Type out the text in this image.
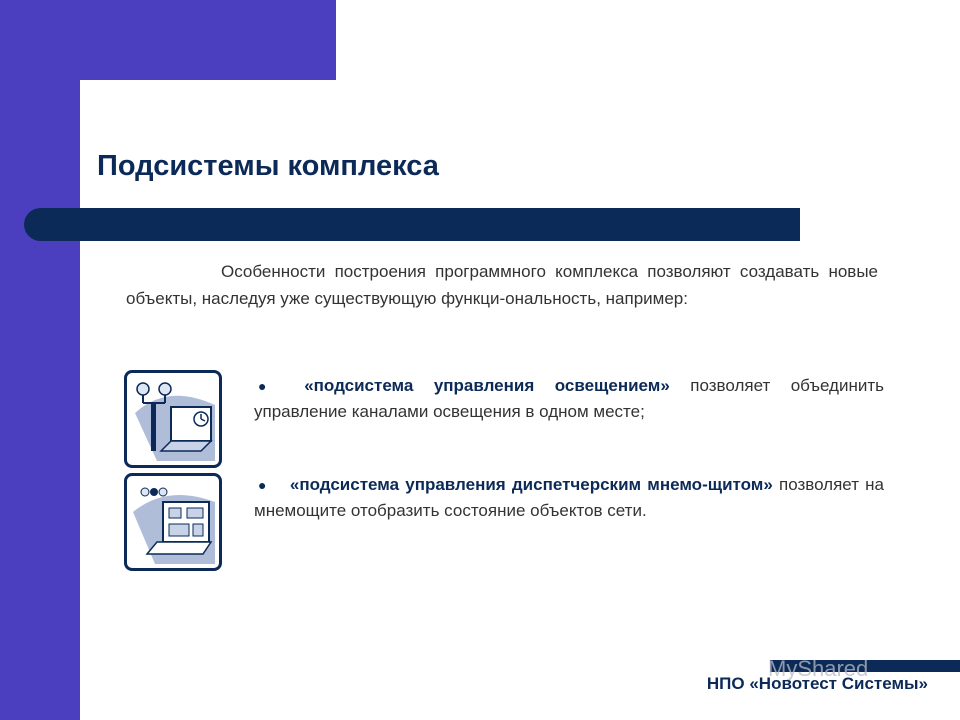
Подсистемы комплекса
Особенности построения программного комплекса позволяют создавать новые объекты, наследуя уже существующую функци-ональность, например:
● «подсистема управления освещением» позволяет объединить управление каналами освещения в одном месте;
● «подсистема управления диспетчерским мнемо-щитом» позволяет на мнемощите отобразить состояние объектов сети.
MyShared
НПО «Новотест Системы»
